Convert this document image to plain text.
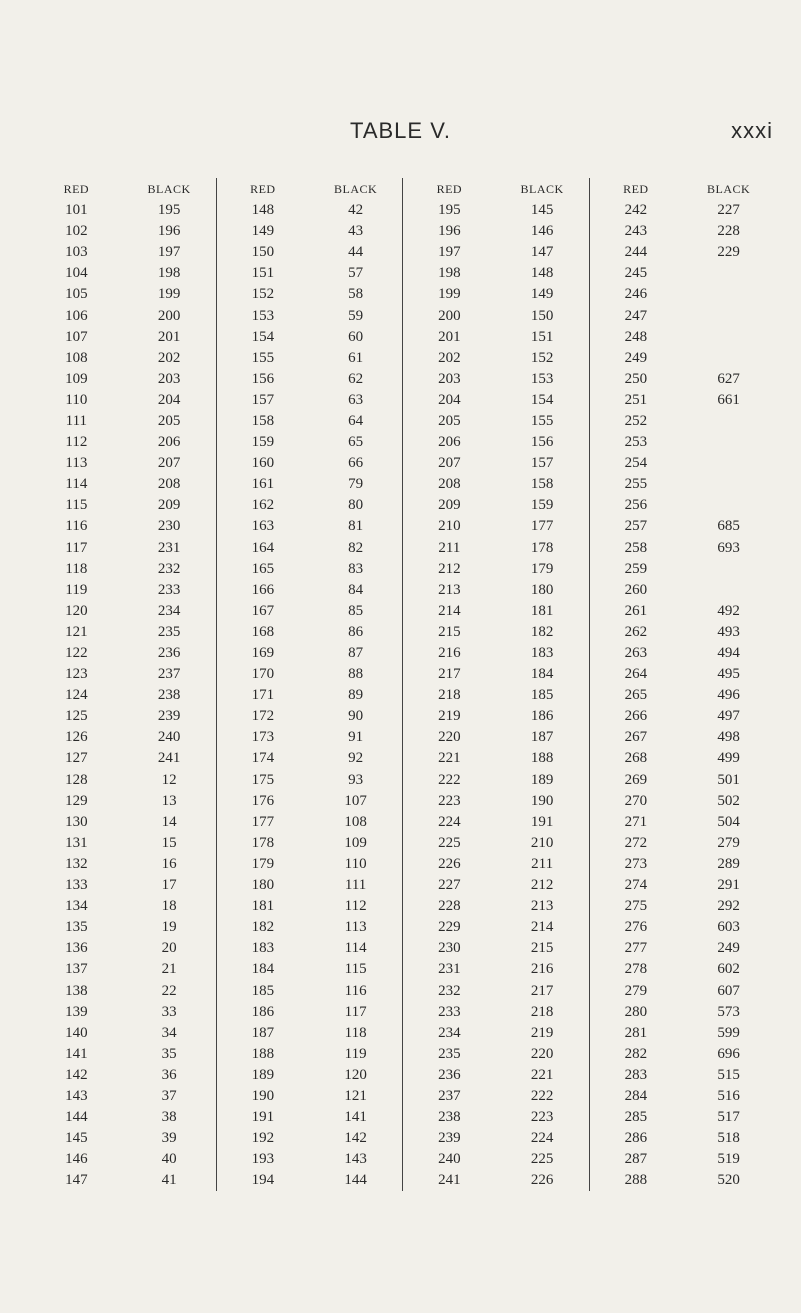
TABLE V.	xxxi
RED	BLACK
101	195
102	196
103	197
104	198
105	199
106	200
107	201
108	202
109	203
110	204
111	205
112	206
113	207
114	208
115	209
116	230
117	231
118	232
119	233
120	234
121	235
122	236
123	237
124	238
125	239
126	240
127	241
128	12
129	13
130	14
131	15
132	16
133	17
134	18
135	19
136	20
137	21
138	22
139	33
140	34
141	35
142	36
143	37
144	38
145	39
146	40
147	41
RED	BLACK
148	42
149	43
150	44
151	57
152	58
153	59
154	60
155	61
156	62
157	63
158	64
159	65
160	66
161	79
162	80
163	81
164	82
165	83
166	84
167	85
168	86
169	87
170	88
171	89
172	90
173	91
174	92
175	93
176	107
177	108
178	109
179	110
180	111
181	112
182	113
183	114
184	115
185	116
186	117
187	118
188	119
189	120
190	121
191	141
192	142
193	143
194	144
RED	BLACK
195	145
196	146
197	147
198	148
199	149
200	150
201	151
202	152
203	153
204	154
205	155
206	156
207	157
208	158
209	159
210	177
211	178
212	179
213	180
214	181
215	182
216	183
217	184
218	185
219	186
220	187
221	188
222	189
223	190
224	191
225	210
226	211
227	212
228	213
229	214
230	215
231	216
232	217
233	218
234	219
235	220
236	221
237	222
238	223
239	224
240	225
241	226
RED	BLACK
242	227
243	228
244	229
245	
246	
247	
248	
249	
250	627
251	661
252	
253	
254	
255	
256	
257	685
258	693
259	
260	
261	492
262	493
263	494
264	495
265	496
266	497
267	498
268	499
269	501
270	502
271	504
272	279
273	289
274	291
275	292
276	603
277	249
278	602
279	607
280	573
281	599
282	696
283	515
284	516
285	517
286	518
287	519
288	520
